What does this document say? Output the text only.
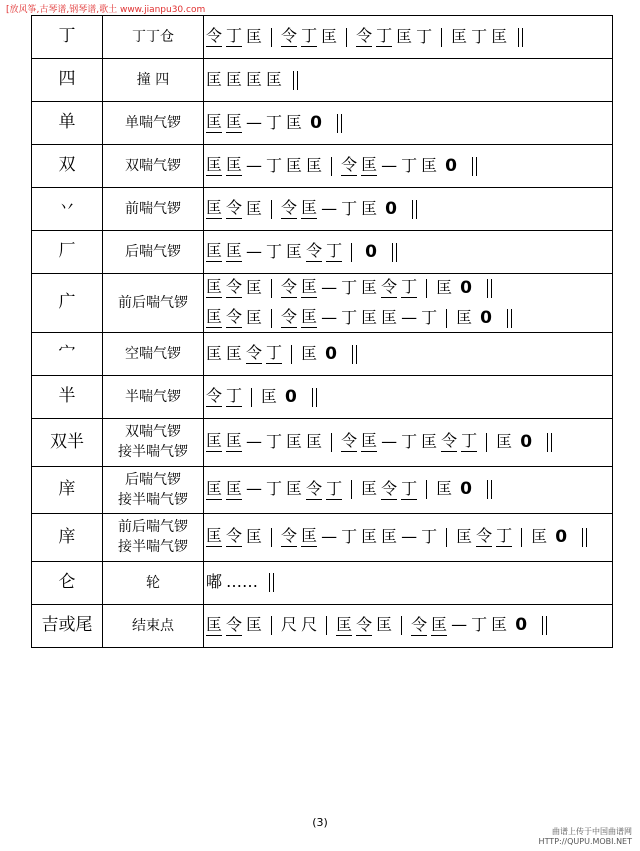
[放风筝,古琴谱,钢琴谱,歌土 www.jianpu30.com
丁	丁丁仓	令 丁 匡 令 丁 匡 令 丁 匡 丁 匡 丁 匡

四	撞 四	匡 匡 匡 匡

单	单喘气锣	匡 匡 — 丁 匡 0

双	双喘气锣	匡 匡 — 丁 匡 匡 令 匡 — 丁 匡 0

丷	前喘气锣	匡 令 匡 令 匡 — 丁 匡 0

厂	后喘气锣	匡 匡 — 丁 匡 令 丁 0

广	前后喘气锣	匡 令 匡 令 匡 — 丁 匡 令 丁 匡 0
匡 令 匡 令 匡 — 丁 匡 匡 — 丁 匡 0

宀	空喘气锣	匡 匡 令 丁 匡 0

半	半喘气锣	令 丁 匡 0

双半	双喘气锣
接半喘气锣	匡 匡 — 丁 匡 匡 令 匡 — 丁 匡 令 丁 匡 0

庠	后喘气锣
接半喘气锣	匡 匡 — 丁 匡 令 丁 匡 令 丁 匡 0

庠	前后喘气锣
接半喘气锣	匡 令 匡 令 匡 — 丁 匡 匡 — 丁 匡 令 丁 匡 0

仑	轮	嘟 ……

吉或尾	结束点	匡 令 匡 尺 尺 匡 令 匡 令 匡 — 丁 匡 0
(3)
曲谱上传于中国曲谱网
HTTP://QUPU.MOBI.NET
